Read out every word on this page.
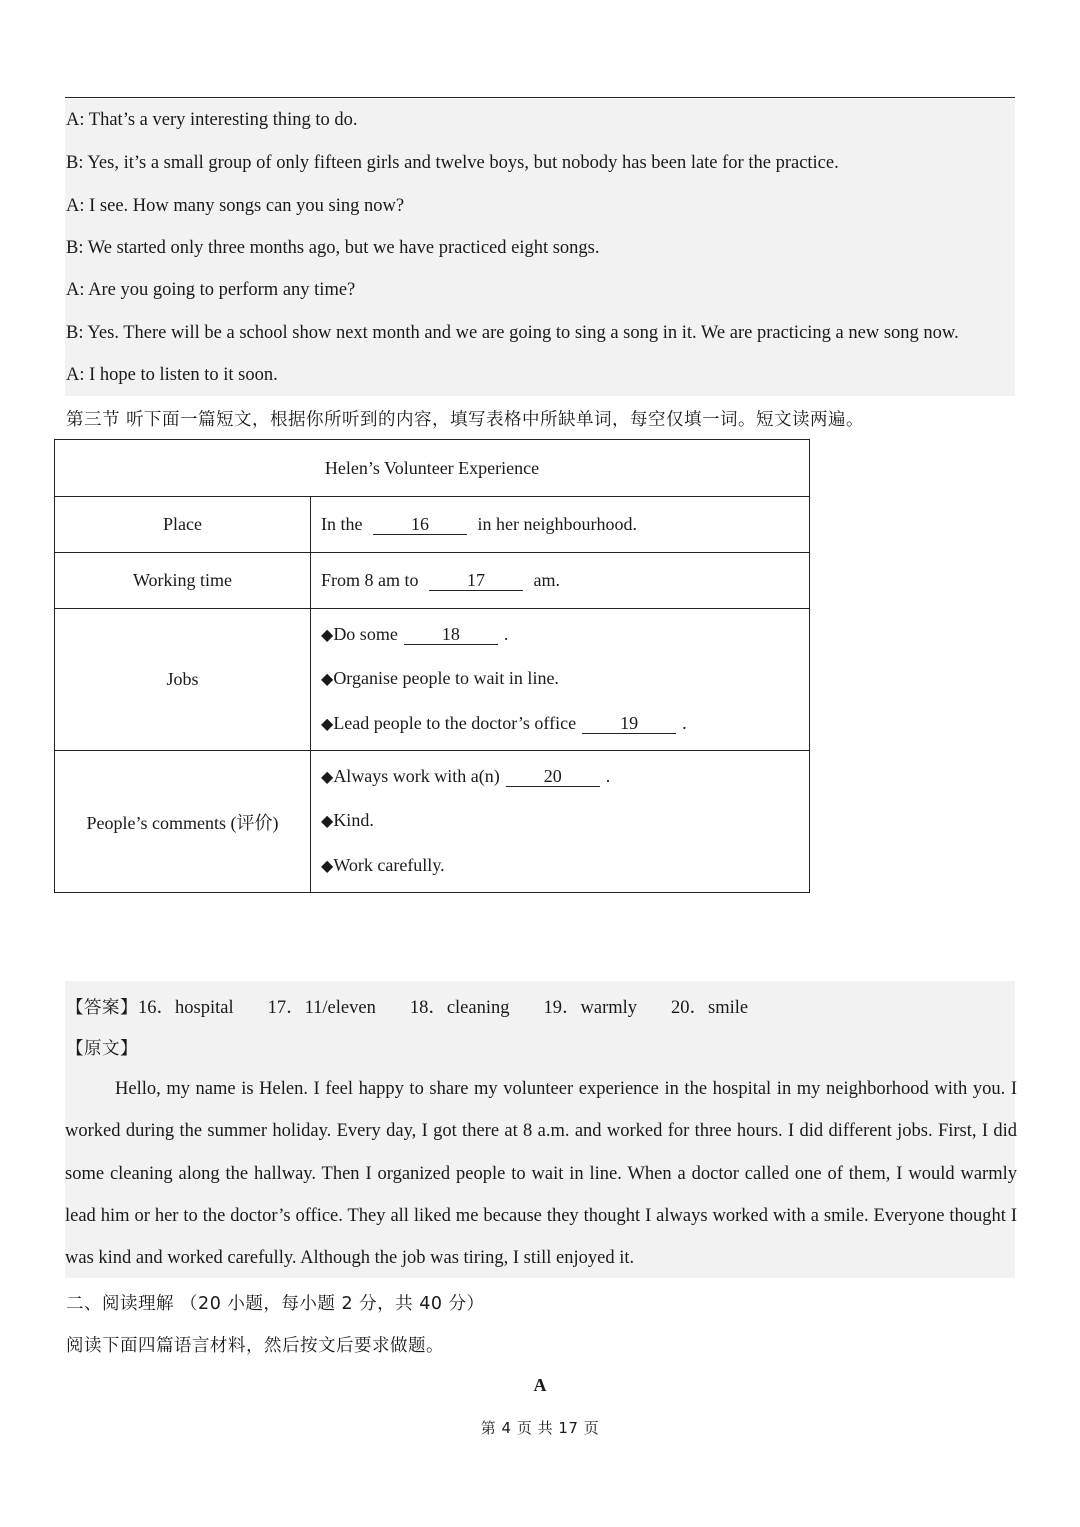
A: That’s a very interesting thing to do.
B: Yes, it’s a small group of only fifteen girls and twelve boys, but nobody has been late for the practice.
A: I see. How many songs can you sing now?
B: We started only three months ago, but we have practiced eight songs.
A: Are you going to perform any time?
B: Yes. There will be a school show next month and we are going to sing a song in it. We are practicing a new song now.
A: I hope to listen to it soon.
第三节 听下面一篇短文，根据你所听到的内容，填写表格中所缺单词，每空仅填一词。短文读两遍。
Helen’s Volunteer Experience	
Place	In the 16 in her neighbourhood.
Working time	From 8 am to 17 am.
Jobs	◆Do some 18 .
◆Organise people to wait in line.
◆Lead people to the doctor’s office 19 .

People’s comments (评价)	◆Always work with a(n) 20 .
◆Kind.
◆Work carefully.
【答案】16．hospital 17．11/eleven 18．cleaning 19．warmly 20．smile
【原文】
Hello, my name is Helen. I feel happy to share my volunteer experience in the hospital in my neighborhood with you. I worked during the summer holiday. Every day, I got there at 8 a.m. and worked for three hours. I did different jobs. First, I did some cleaning along the hallway. Then I organized people to wait in line. When a doctor called one of them, I would warmly lead him or her to the doctor’s office. They all liked me because they thought I always worked with a smile. Everyone thought I was kind and worked carefully. Although the job was tiring, I still enjoyed it.
二、阅读理解 （20 小题，每小题 2 分，共 40 分）
阅读下面四篇语言材料，然后按文后要求做题。
A
第 4 页 共 17 页
